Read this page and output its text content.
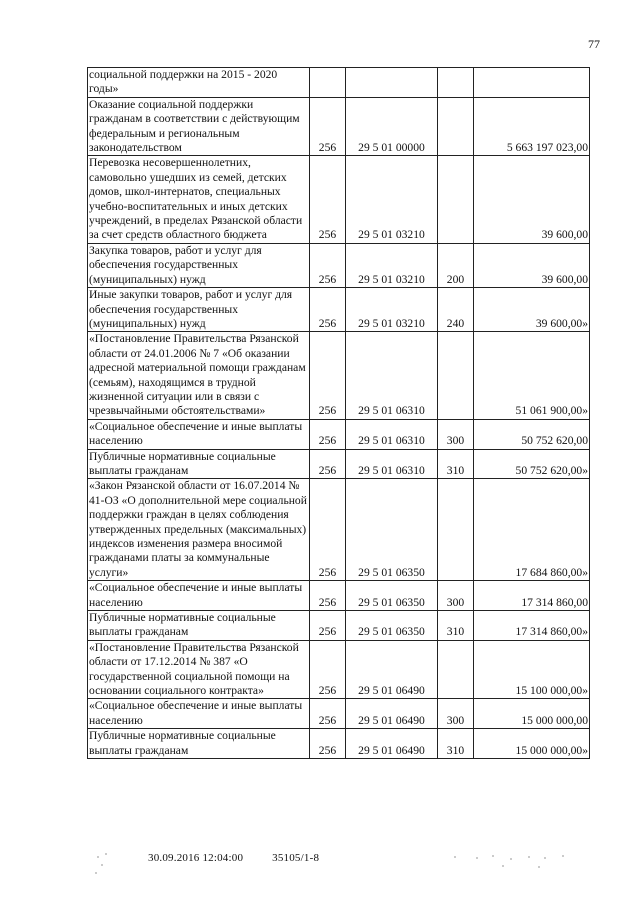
77
социальной поддержки на 2015 - 2020 годы»				

Оказание социальной поддержки гражданам в соответствии с действующим федеральным и региональным законодательством	256	29 5 01 00000		5 663 197 023,00

Перевозка несовершеннолетних, самовольно ушедших из семей, детских домов, школ-интернатов, специальных учебно-воспитательных и иных детских учреждений, в пределах Рязанской области за счет средств областного бюджета	256	29 5 01 03210		39 600,00

Закупка товаров, работ и услуг для обеспечения государственных (муниципальных) нужд	256	29 5 01 03210	200	39 600,00

Иные закупки товаров, работ и услуг для обеспечения государственных (муниципальных) нужд	256	29 5 01 03210	240	39 600,00»

«Постановление Правительства Рязанской области от 24.01.2006 № 7 «Об оказании адресной материальной помощи гражданам (семьям), находящимся в трудной жизненной ситуации или в связи с чрезвычайными обстоятельствами»	256	29 5 01 06310		51 061 900,00»

«Социальное обеспечение и иные выплаты населению	256	29 5 01 06310	300	50 752 620,00

Публичные нормативные социальные выплаты гражданам	256	29 5 01 06310	310	50 752 620,00»

«Закон Рязанской области от 16.07.2014 № 41-ОЗ «О дополнительной мере социальной поддержки граждан в целях соблюдения утвержденных предельных (максимальных) индексов изменения размера вносимой гражданами платы за коммунальные услуги»	256	29 5 01 06350		17 684 860,00»

«Социальное обеспечение и иные выплаты населению	256	29 5 01 06350	300	17 314 860,00

Публичные нормативные социальные выплаты гражданам	256	29 5 01 06350	310	17 314 860,00»

«Постановление Правительства Рязанской области от 17.12.2014 № 387 «О государственной социальной помощи на основании социального контракта»	256	29 5 01 06490		15 100 000,00»

«Социальное обеспечение и иные выплаты населению	256	29 5 01 06490	300	15 000 000,00

Публичные нормативные социальные выплаты гражданам	256	29 5 01 06490	310	15 000 000,00»
30.09.2016 12:04:00	35105/1-8
